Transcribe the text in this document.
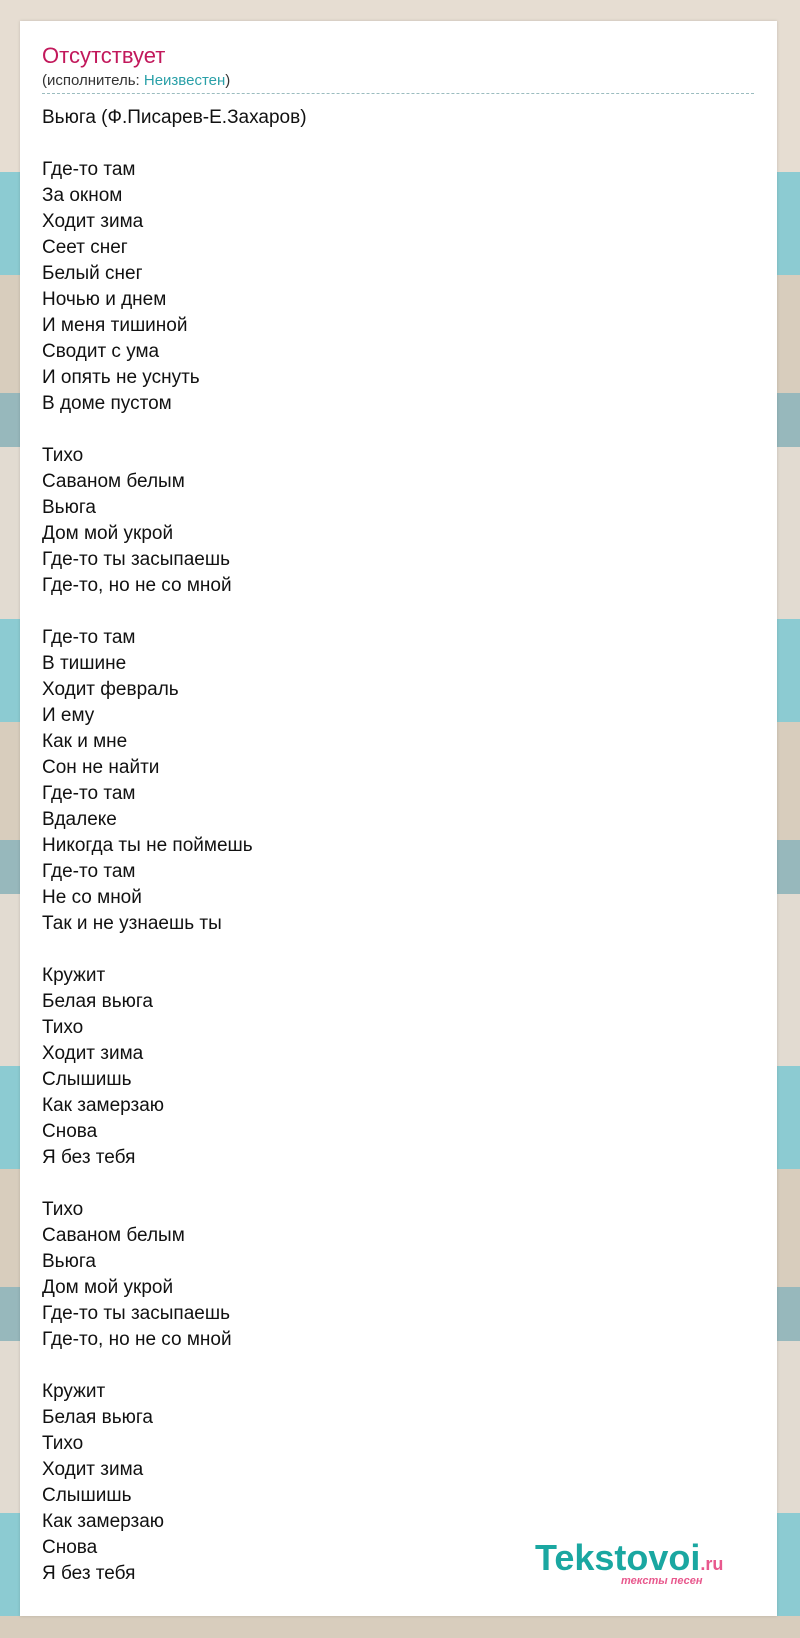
Отсутствует
(исполнитель: Неизвестен)
Вьюга (Ф.Писарев-Е.Захаров)
Где-то там
За окном
Ходит зима
Сеет снег
Белый снег
Ночью и днем
И меня тишиной
Сводит с ума
И опять не уснуть
В доме пустом
Тихо
Саваном белым
Вьюга
Дом мой укрой
Где-то ты засыпаешь
Где-то, но не со мной
Где-то там
В тишине
Ходит февраль
И ему
Как и мне
Сон не найти
Где-то там
Вдалеке
Никогда ты не поймешь
Где-то там
Не со мной
Так и не узнаешь ты
Кружит
Белая вьюга
Тихо
Ходит зима
Слышишь
Как замерзаю
Снова
Я без тебя
Тихо
Саваном белым
Вьюга
Дом мой укрой
Где-то ты засыпаешь
Где-то, но не со мной
Кружит
Белая вьюга
Тихо
Ходит зима
Слышишь
Как замерзаю
Снова
Я без тебя	Tekstovoi.ru
тексты песен
